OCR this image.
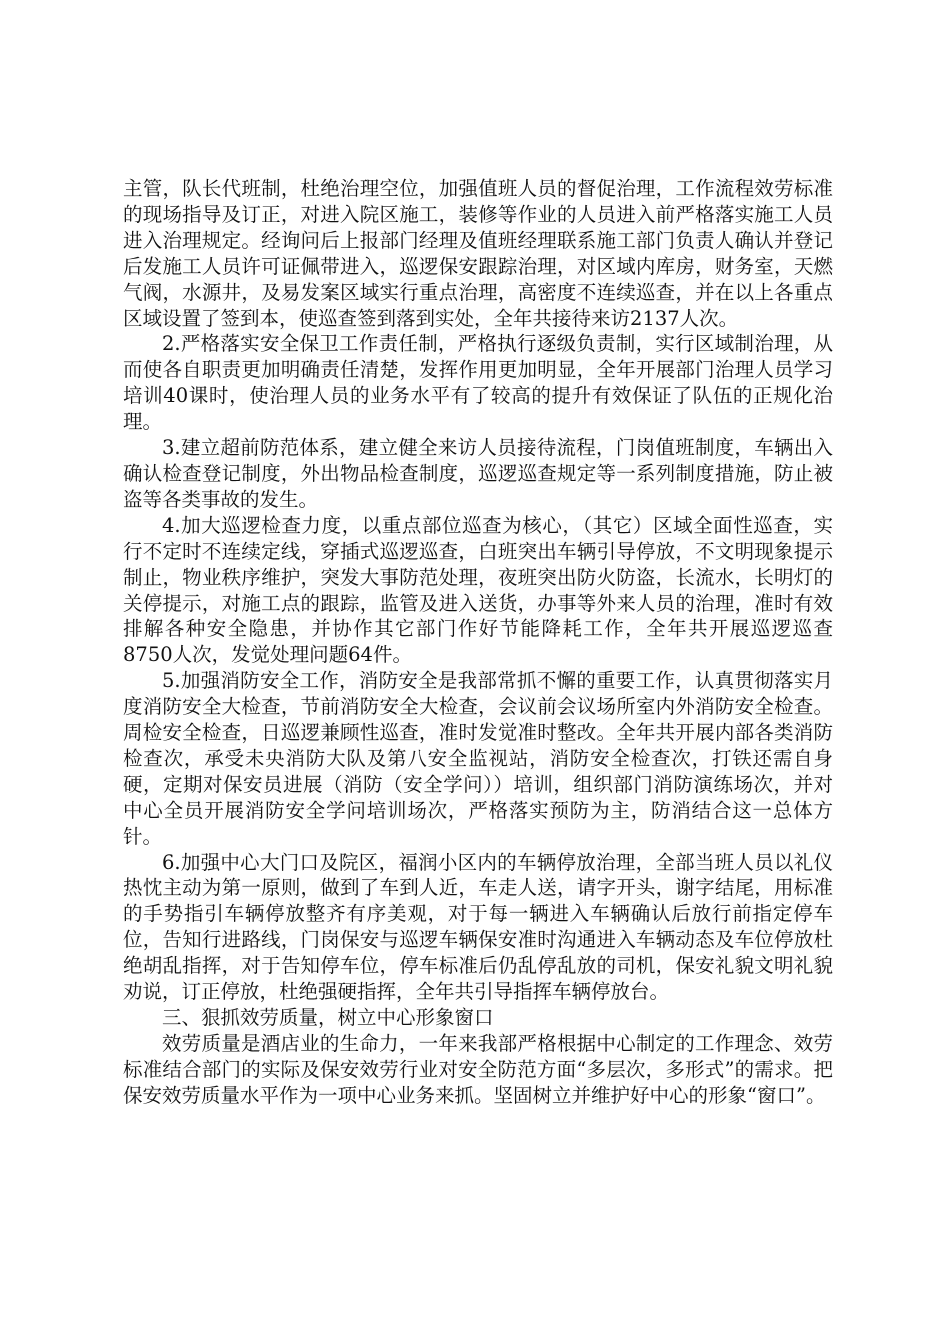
主管，队长代班制，杜绝治理空位，加强值班人员的督促治理，工作流程效劳标准的现场指导及订正，对进入院区施工，装修等作业的人员进入前严格落实施工人员进入治理规定。经询问后上报部门经理及值班经理联系施工部门负责人确认并登记后发施工人员许可证佩带进入，巡逻保安跟踪治理，对区域内库房，财务室，天燃气阀，水源井，及易发案区域实行重点治理，高密度不连续巡查，并在以上各重点区域设置了签到本，使巡查签到落到实处，全年共接待来访2137人次。

2.严格落实安全保卫工作责任制，严格执行逐级负责制，实行区域制治理，从而使各自职责更加明确责任清楚，发挥作用更加明显，全年开展部门治理人员学习培训40课时，使治理人员的业务水平有了较高的提升有效保证了队伍的正规化治理。

3.建立超前防范体系，建立健全来访人员接待流程，门岗值班制度，车辆出入确认检查登记制度，外出物品检查制度，巡逻巡查规定等一系列制度措施，防止被盗等各类事故的发生。

4.加大巡逻检查力度，以重点部位巡查为核心，（其它）区域全面性巡查，实行不定时不连续定线，穿插式巡逻巡查，白班突出车辆引导停放，不文明现象提示制止，物业秩序维护，突发大事防范处理，夜班突出防火防盗，长流水，长明灯的关停提示，对施工点的跟踪，监管及进入送货，办事等外来人员的治理，准时有效排解各种安全隐患，并协作其它部门作好节能降耗工作，全年共开展巡逻巡查8750人次，发觉处理问题64件。

5.加强消防安全工作，消防安全是我部常抓不懈的重要工作，认真贯彻落实月度消防安全大检查，节前消防安全大检查，会议前会议场所室内外消防安全检查。周检安全检查，日巡逻兼顾性巡查，准时发觉准时整改。全年共开展内部各类消防检查次，承受未央消防大队及第八安全监视站，消防安全检查次，打铁还需自身硬，定期对保安员进展（消防（安全学问））培训，组织部门消防演练场次，并对中心全员开展消防安全学问培训场次，严格落实预防为主，防消结合这一总体方针。

6.加强中心大门口及院区，福润小区内的车辆停放治理，全部当班人员以礼仪热忱主动为第一原则，做到了车到人近，车走人送，请字开头，谢字结尾，用标准的手势指引车辆停放整齐有序美观，对于每一辆进入车辆确认后放行前指定停车位，告知行进路线，门岗保安与巡逻车辆保安准时沟通进入车辆动态及车位停放杜绝胡乱指挥，对于告知停车位，停车标准后仍乱停乱放的司机，保安礼貌文明礼貌劝说，订正停放，杜绝强硬指挥，全年共引导指挥车辆停放台。

三、狠抓效劳质量，树立中心形象窗口

效劳质量是酒店业的生命力，一年来我部严格根据中心制定的工作理念、效劳标准结合部门的实际及保安效劳行业对安全防范方面“多层次，多形式”的需求。把保安效劳质量水平作为一项中心业务来抓。坚固树立并维护好中心的形象“窗口”。
